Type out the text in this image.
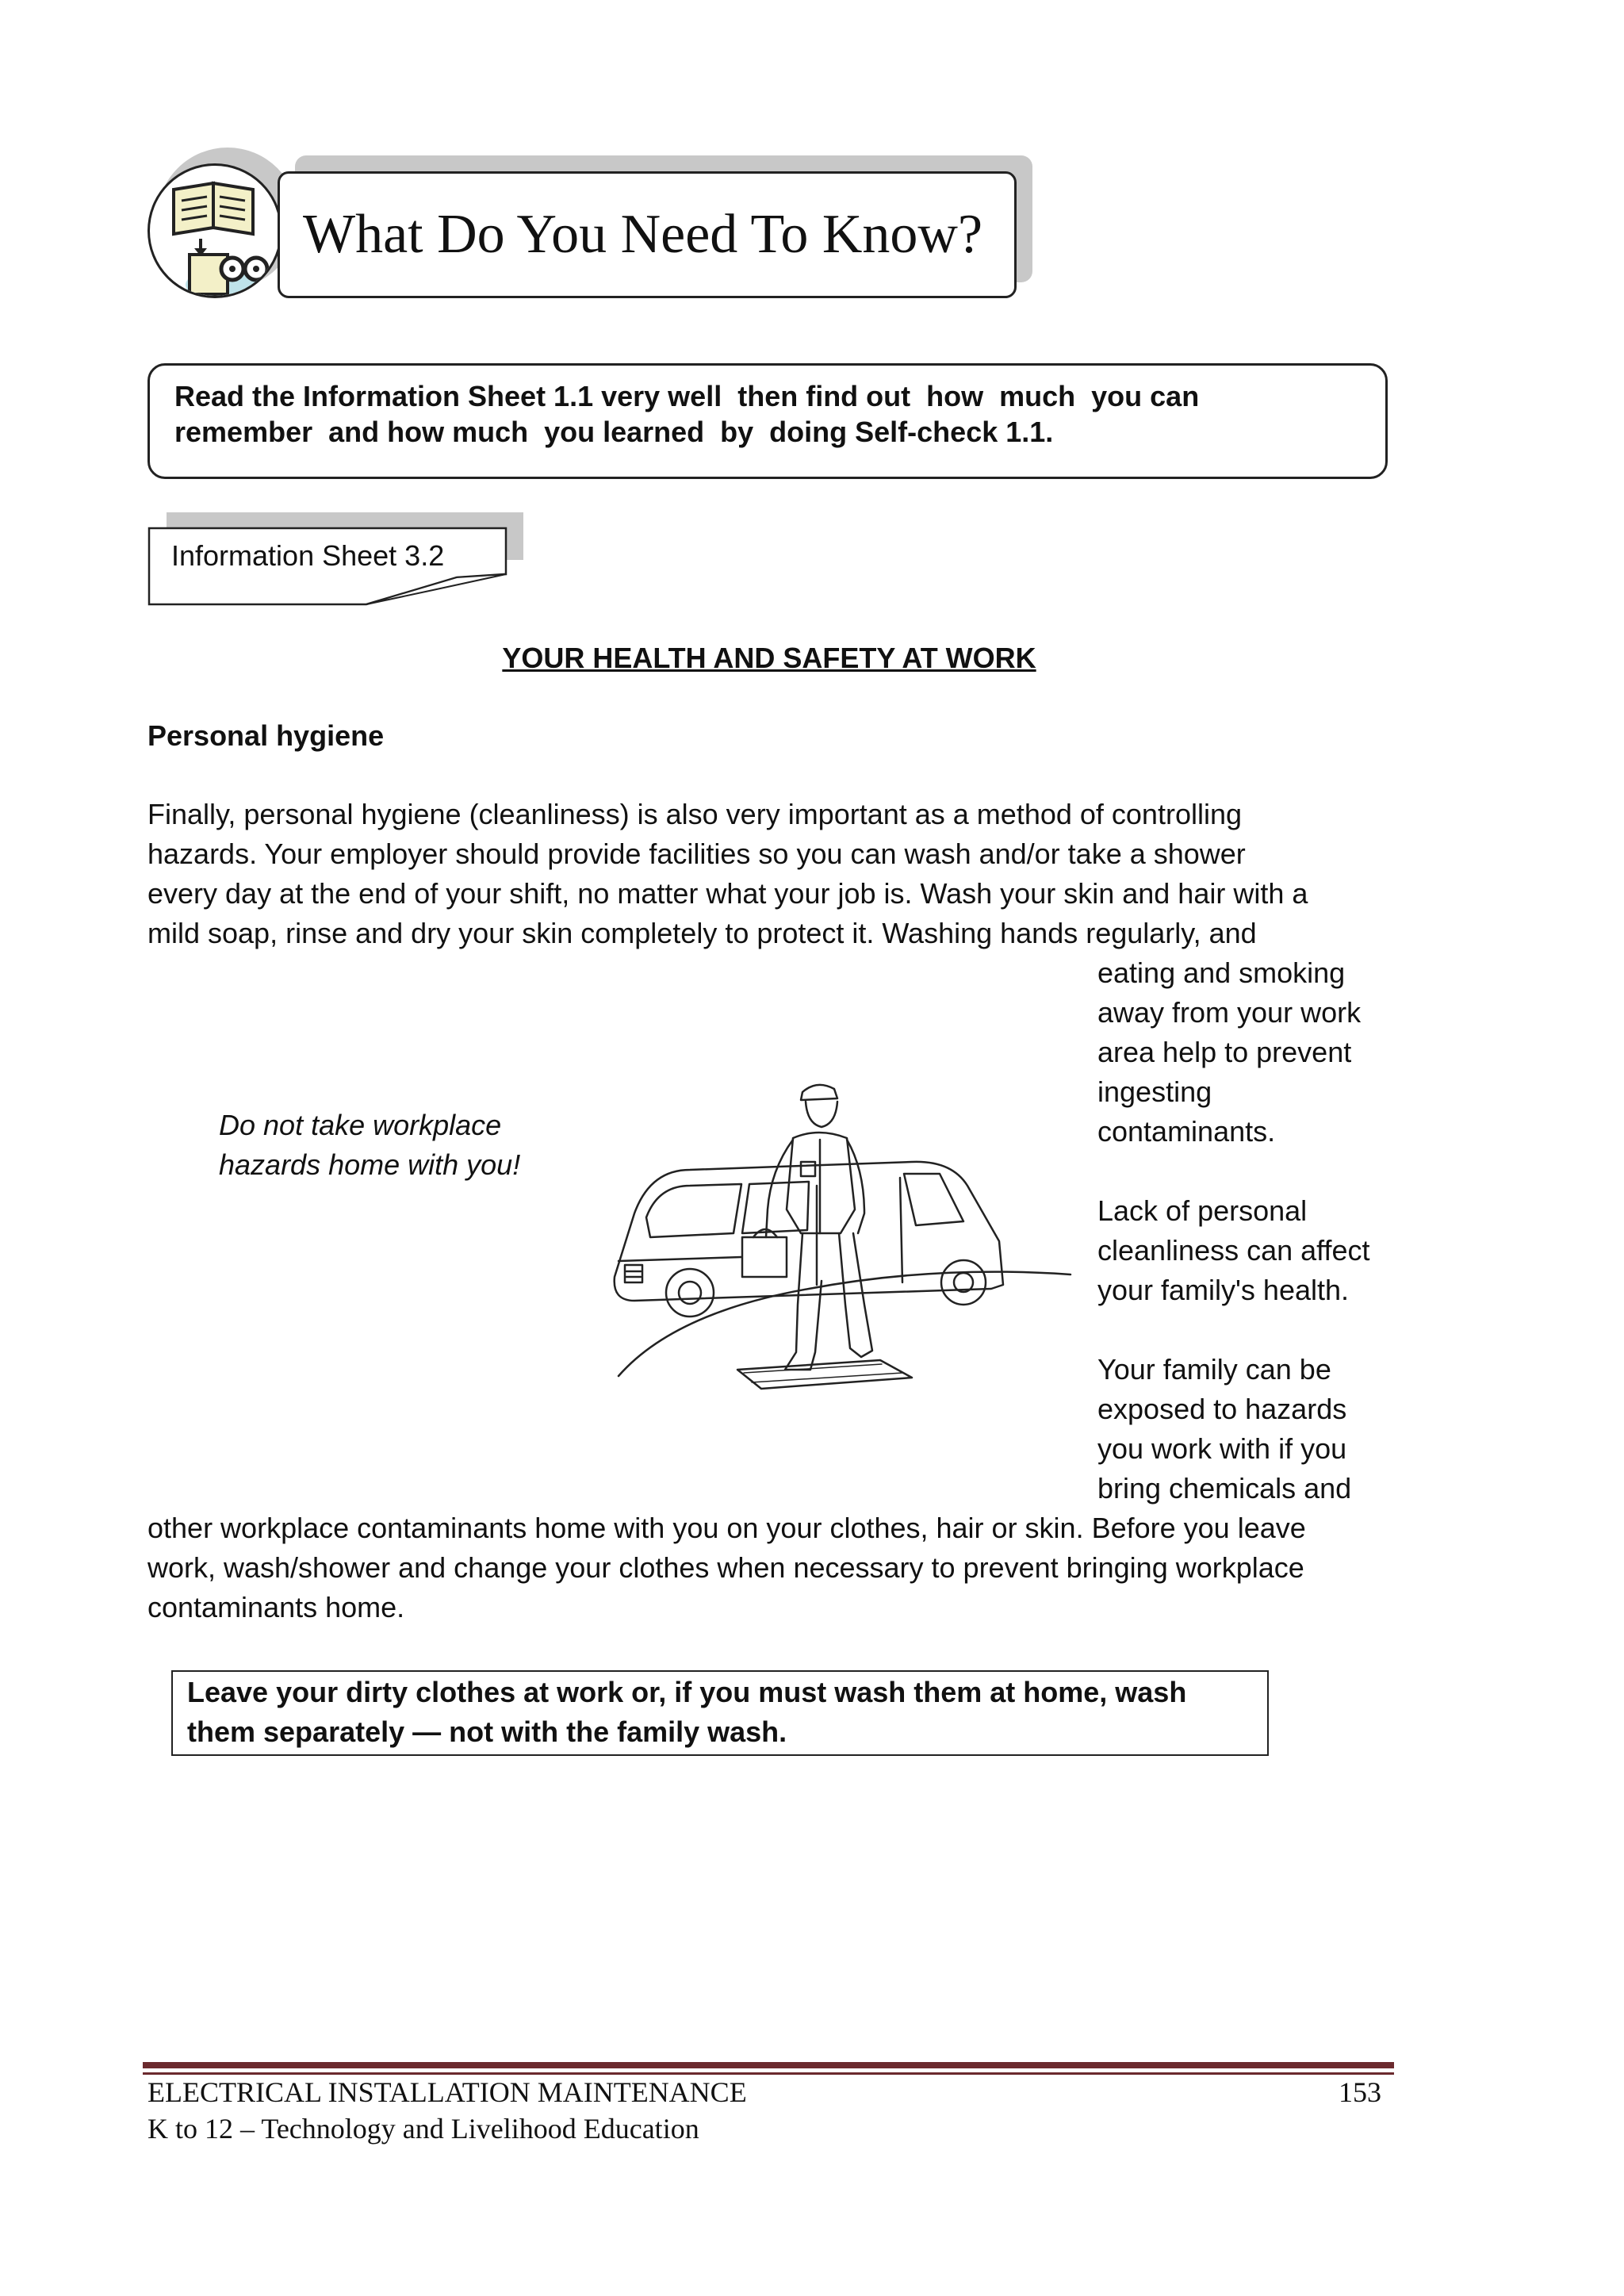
What Do You Need To Know?
Read the Information Sheet 1.1 very well  then find out  how  much  you can
remember  and how much  you learned  by  doing Self-check 1.1.
Information Sheet 3.2
YOUR HEALTH AND SAFETY AT WORK
Personal hygiene
Finally, personal hygiene (cleanliness) is also very important as a method of controlling
hazards. Your employer should provide facilities so you can wash and/or take a shower
every day at the end of your shift, no matter what your job is. Wash your skin and hair with a
mild soap, rinse and dry your skin completely to protect it. Washing hands regularly, and
eating and smoking
away from your work
area help to prevent
ingesting
contaminants.
Lack of personal
cleanliness can affect
your family's health.
Your family can be
exposed to hazards
you work with if you
bring chemicals and
Do not take workplace
hazards home with you!
other workplace contaminants home with you on your clothes, hair or skin. Before you leave
work, wash/shower and change your clothes when necessary to prevent bringing workplace
contaminants home.
Leave your dirty clothes at work or, if you must wash them at home, wash
them separately — not with the family wash.
ELECTRICAL INSTALLATION MAINTENANCE
K to 12 – Technology and Livelihood Education
153
